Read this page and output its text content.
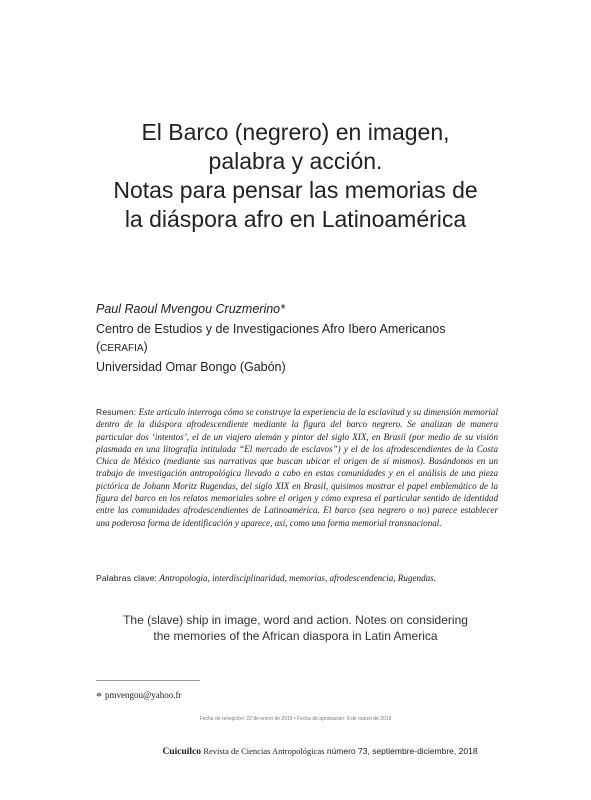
El Barco (negrero) en imagen,
palabra y acción.
Notas para pensar las memorias de
la diáspora afro en Latinoamérica
Paul Raoul Mvengou Cruzmerino*
Centro de Estudios y de Investigaciones Afro Ibero Americanos
(CERAFIA)
Universidad Omar Bongo (Gabón)
Resumen: Este artículo interroga cómo se construye la experiencia de la esclavitud y su dimensión memorial dentro de la diáspora afrodescendiente mediante la figura del barco negrero. Se analizan de manera particular dos ‘intentos’, el de un viajero alemán y pintor del siglo XIX, en Brasil (por medio de su visión plasmada en una litografía intitulada “El mercado de esclavos”) y el de los afrodescendientes de la Costa Chica de México (mediante sus narrativas que buscan ubicar el origen de sí mismos). Basándonos en un trabajo de investigación antropológica llevado a cabo en estas comunidades y en el análisis de una pieza pictórica de Johann Moritz Rugendas, del siglo XIX en Brasil, quisimos mostrar el papel emblemático de la figura del barco en los relatos memoriales sobre el origen y cómo expresa el particular sentido de identidad entre las comunidades afrodescendientes de Latinoamérica. El barco (sea negrero o no) parece establecer una poderosa forma de identificación y aparece, así, como una forma memorial transnacional.
Palabras clave: Antropología, interdisciplinaridad, memorias, afrodescendencia, Rugendas.
The (slave) ship in image, word and action. Notes on considering
the memories of the African diaspora in Latin America
* pmvengou@yahoo.fr
Fecha de recepción: 22 de enero de 2019 • Fecha de aprobación: 9 de marzo de 2019
Cuicuilco Revista de Ciencias Antropológicas número 73, septiembre-diciembre, 2018
